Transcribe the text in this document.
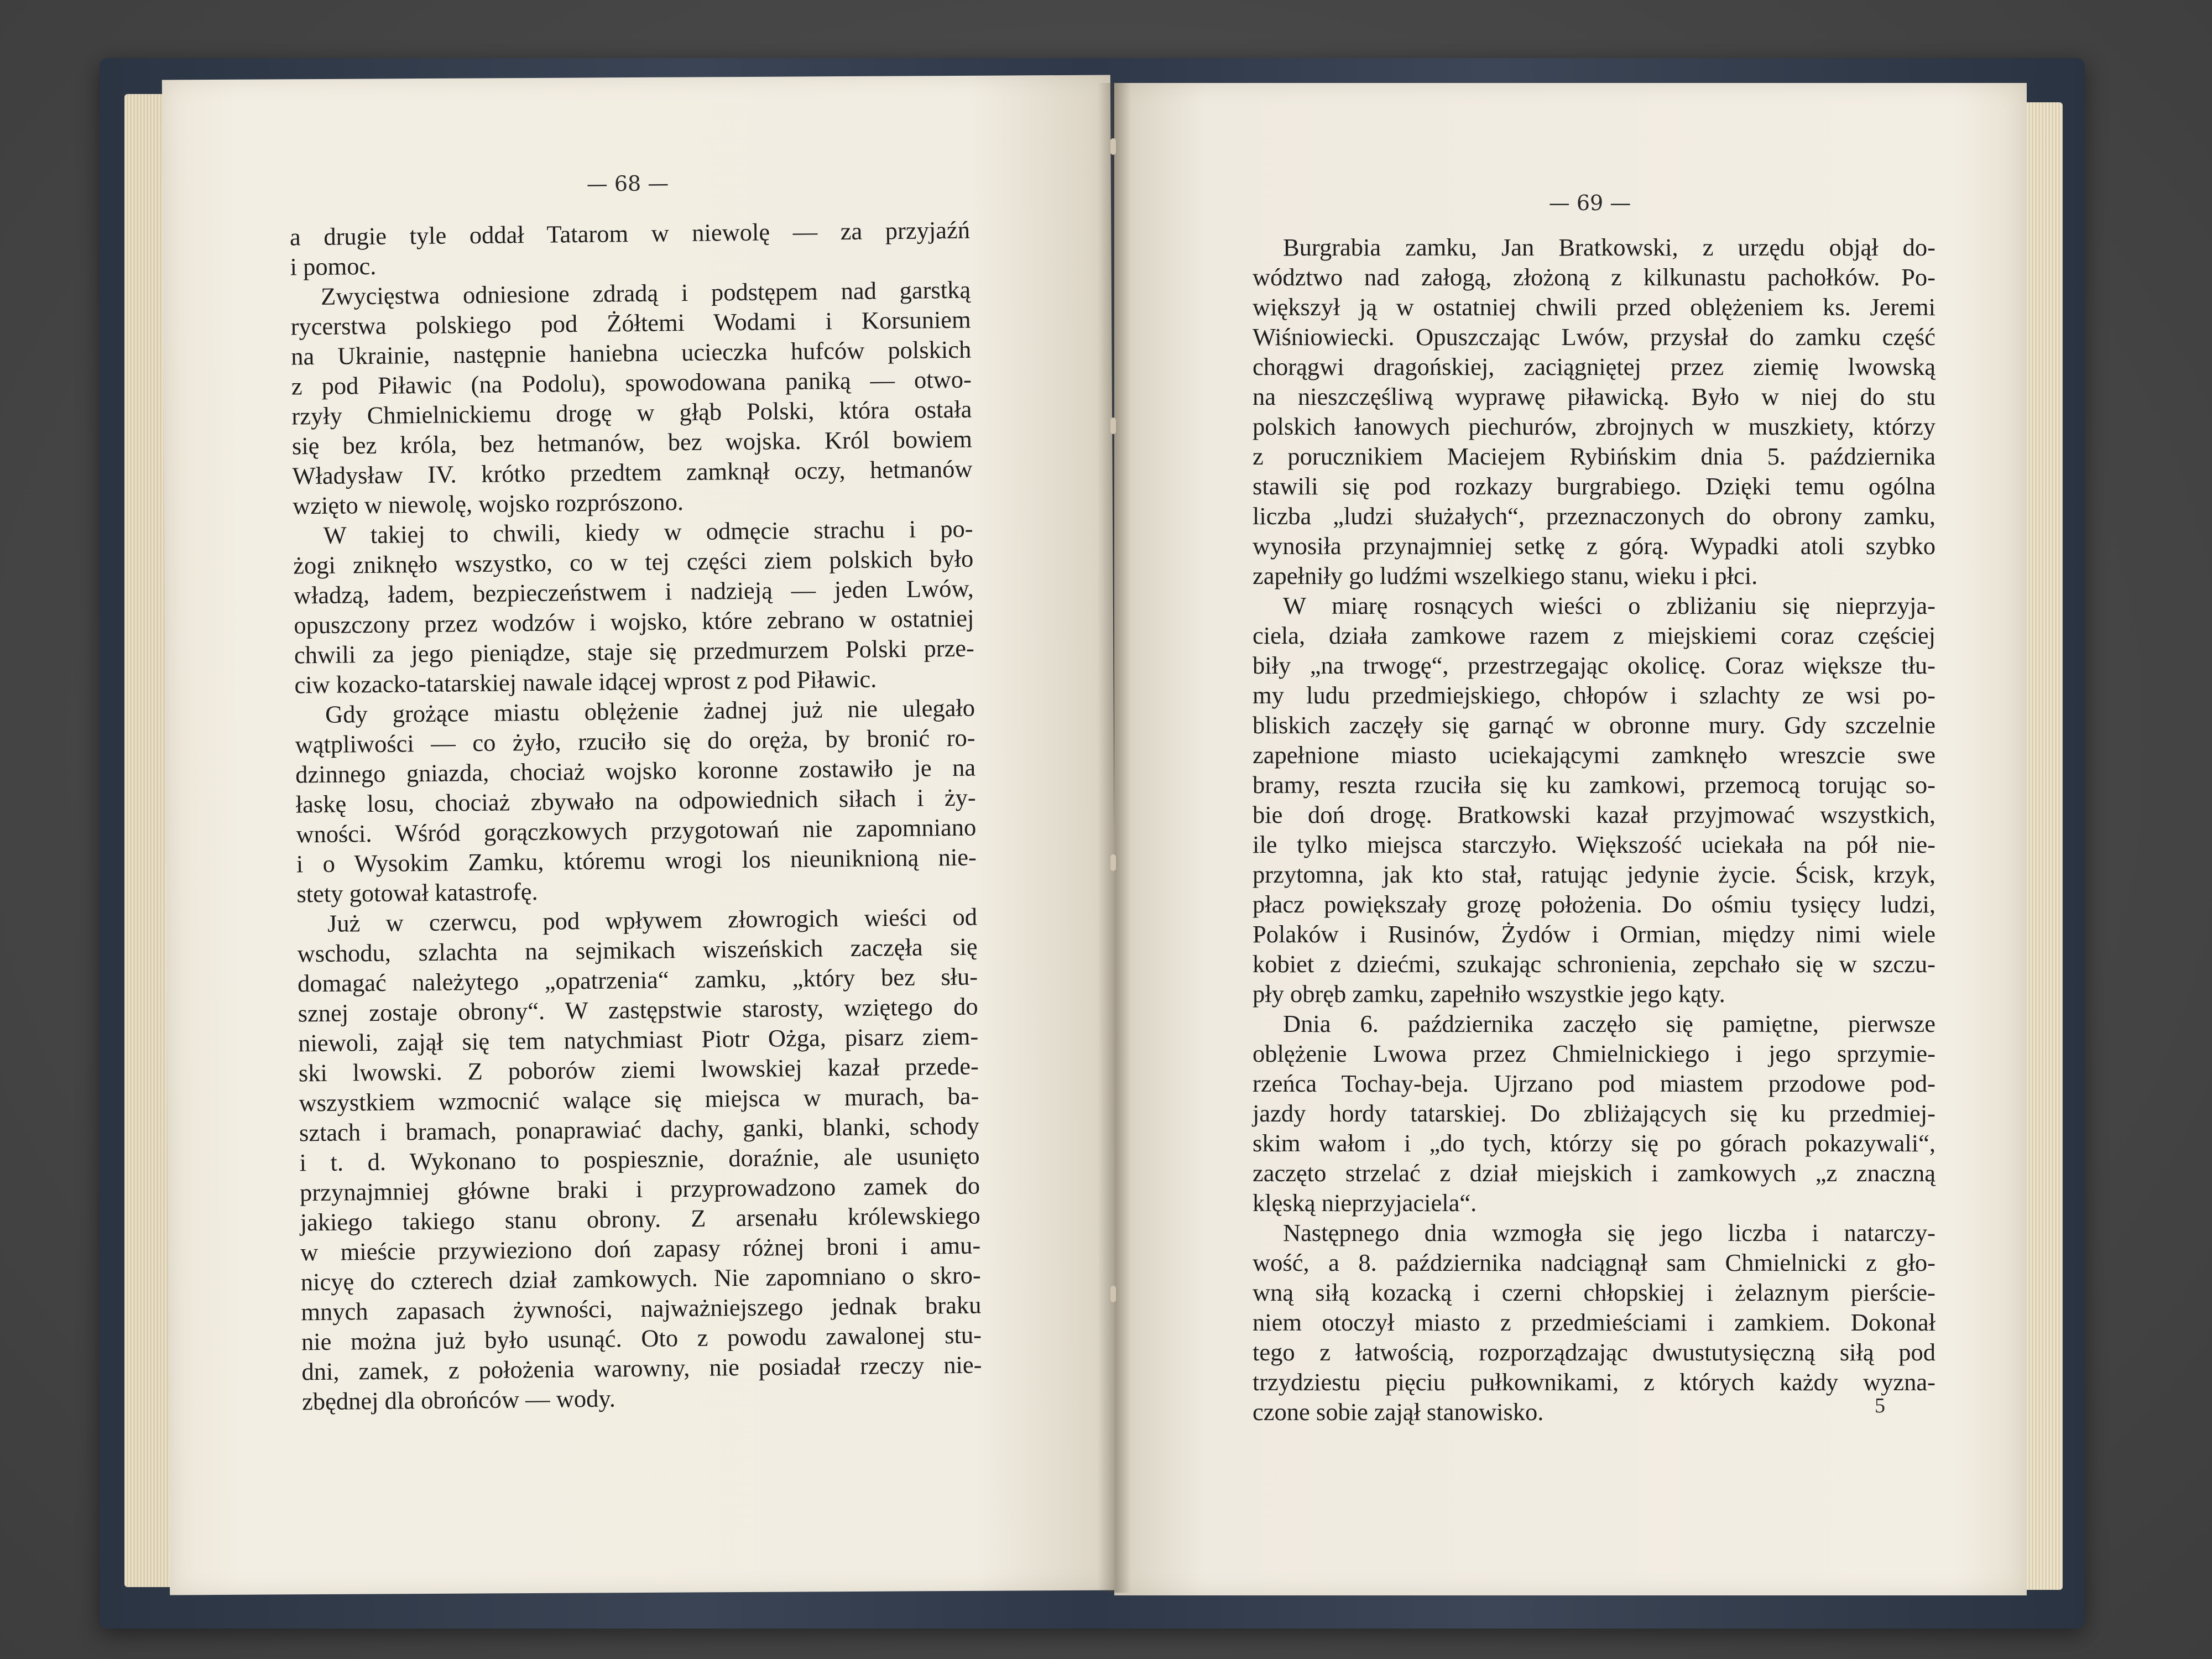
— 68 —
— 69 —
a drugie tyle oddał Tatarom w niewolę — za przyjaźń
i pomoc.
Zwycięstwa odniesione zdradą i podstępem nad garstką
rycerstwa polskiego pod Żółtemi Wodami i Korsuniem
na Ukrainie, następnie haniebna ucieczka hufców polskich
z pod Piławic (na Podolu), spowodowana paniką — otwo-
rzyły Chmielnickiemu drogę w głąb Polski, która ostała
się bez króla, bez hetmanów, bez wojska. Król bowiem
Władysław IV. krótko przedtem zamknął oczy, hetmanów
wzięto w niewolę, wojsko rozprószono.
W takiej to chwili, kiedy w odmęcie strachu i po-
żogi zniknęło wszystko, co w tej części ziem polskich było
władzą, ładem, bezpieczeństwem i nadzieją — jeden Lwów,
opuszczony przez wodzów i wojsko, które zebrano w ostatniej
chwili za jego pieniądze, staje się przedmurzem Polski prze-
ciw kozacko-tatarskiej nawale idącej wprost z pod Piławic.
Gdy grożące miastu oblężenie żadnej już nie ulegało
wątpliwości — co żyło, rzuciło się do oręża, by bronić ro-
dzinnego gniazda, chociaż wojsko koronne zostawiło je na
łaskę losu, chociaż zbywało na odpowiednich siłach i ży-
wności. Wśród gorączkowych przygotowań nie zapomniano
i o Wysokim Zamku, któremu wrogi los nieuniknioną nie-
stety gotował katastrofę.
Już w czerwcu, pod wpływem złowrogich wieści od
wschodu, szlachta na sejmikach wiszeńskich zaczęła się
domagać należytego „opatrzenia“ zamku, „który bez słu-
sznej zostaje obrony“. W zastępstwie starosty, wziętego do
niewoli, zajął się tem natychmiast Piotr Ożga, pisarz ziem-
ski lwowski. Z poborów ziemi lwowskiej kazał przede-
wszystkiem wzmocnić walące się miejsca w murach, ba-
sztach i bramach, ponaprawiać dachy, ganki, blanki, schody
i t. d. Wykonano to pospiesznie, doraźnie, ale usunięto
przynajmniej główne braki i przyprowadzono zamek do
jakiego takiego stanu obrony. Z arsenału królewskiego
w mieście przywieziono doń zapasy różnej broni i amu-
nicyę do czterech dział zamkowych. Nie zapomniano o skro-
mnych zapasach żywności, najważniejszego jednak braku
nie można już było usunąć. Oto z powodu zawalonej stu-
dni, zamek, z położenia warowny, nie posiadał rzeczy nie-
zbędnej dla obrońców — wody.
Burgrabia zamku, Jan Bratkowski, z urzędu objął do-
wództwo nad załogą, złożoną z kilkunastu pachołków. Po-
większył ją w ostatniej chwili przed oblężeniem ks. Jeremi
Wiśniowiecki. Opuszczając Lwów, przysłał do zamku część
chorągwi dragońskiej, zaciągniętej przez ziemię lwowską
na nieszczęśliwą wyprawę piławicką. Było w niej do stu
polskich łanowych piechurów, zbrojnych w muszkiety, którzy
z porucznikiem Maciejem Rybińskim dnia 5. października
stawili się pod rozkazy burgrabiego. Dzięki temu ogólna
liczba „ludzi służałych“, przeznaczonych do obrony zamku,
wynosiła przynajmniej setkę z górą. Wypadki atoli szybko
zapełniły go ludźmi wszelkiego stanu, wieku i płci.
W miarę rosnących wieści o zbliżaniu się nieprzyja-
ciela, działa zamkowe razem z miejskiemi coraz częściej
biły „na trwogę“, przestrzegając okolicę. Coraz większe tłu-
my ludu przedmiejskiego, chłopów i szlachty ze wsi po-
bliskich zaczęły się garnąć w obronne mury. Gdy szczelnie
zapełnione miasto uciekającymi zamknęło wreszcie swe
bramy, reszta rzuciła się ku zamkowi, przemocą torując so-
bie doń drogę. Bratkowski kazał przyjmować wszystkich,
ile tylko miejsca starczyło. Większość uciekała na pół nie-
przytomna, jak kto stał, ratując jedynie życie. Ścisk, krzyk,
płacz powiększały grozę położenia. Do ośmiu tysięcy ludzi,
Polaków i Rusinów, Żydów i Ormian, między nimi wiele
kobiet z dziećmi, szukając schronienia, zepchało się w szczu-
pły obręb zamku, zapełniło wszystkie jego kąty.
Dnia 6. października zaczęło się pamiętne, pierwsze
oblężenie Lwowa przez Chmielnickiego i jego sprzymie-
rzeńca Tochay-beja. Ujrzano pod miastem przodowe pod-
jazdy hordy tatarskiej. Do zbliżających się ku przedmiej-
skim wałom i „do tych, którzy się po górach pokazywali“,
zaczęto strzelać z dział miejskich i zamkowych „z znaczną
klęską nieprzyjaciela“.
Następnego dnia wzmogła się jego liczba i natarczy-
wość, a 8. października nadciągnął sam Chmielnicki z gło-
wną siłą kozacką i czerni chłopskiej i żelaznym pierście-
niem otoczył miasto z przedmieściami i zamkiem. Dokonał
tego z łatwością, rozporządzając dwustutysięczną siłą pod
trzydziestu pięciu pułkownikami, z których każdy wyzna-
czone sobie zajął stanowisko.	5
